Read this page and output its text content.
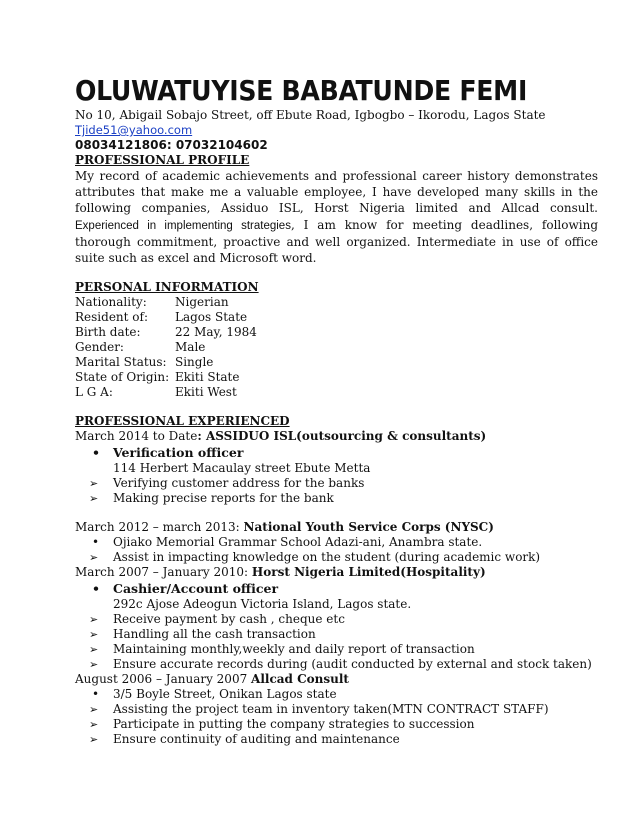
OLUWATUYISE BABATUNDE FEMI
No 10, Abigail Sobajo Street, off Ebute Road, Igbogbo – Ikorodu, Lagos State
Tjide51@yahoo.com
08034121806: 07032104602
PROFESSIONAL PROFILE

My record of academic achievements and professional career history demonstrates attributes that make me a valuable employee, I have developed many skills in the following companies, Assiduo ISL, Horst Nigeria limited and Allcad consult. Experienced in implementing strategies, I am know for meeting deadlines, following thorough commitment, proactive and well organized. Intermediate in use of office suite such as excel and Microsoft word.

PERSONAL INFORMATION
Nationality:	Nigerian
Resident of:	Lagos State
Birth date:	22 May, 1984
Gender:	Male
Marital Status: Single
State of Origin: Ekiti State
L G A:	Ekiti West
PROFESSIONAL EXPERIENCED
March 2014 to Date: ASSIDUO ISL(outsourcing & consultants)
• Verification officer
114 Herbert Macaulay street Ebute Metta
➢ Verifying customer address for the banks
➢ Making precise reports for the bank
March 2012 – march 2013: National Youth Service Corps (NYSC)
• Ojiako Memorial Grammar School Adazi-ani, Anambra state.
➢ Assist in impacting knowledge on the student (during academic work)
March 2007 – January 2010: Horst Nigeria Limited(Hospitality)
• Cashier/Account officer
292c Ajose Adeogun Victoria Island, Lagos state.
➢ Receive payment by cash , cheque etc
➢ Handling all the cash transaction
➢ Maintaining monthly,weekly and daily report of transaction
➢ Ensure accurate records during (audit conducted by external and stock taken)
August 2006 – January 2007 Allcad Consult
• 3/5 Boyle Street, Onikan Lagos state
➢ Assisting the project team in inventory taken(MTN CONTRACT STAFF)
➢ Participate in putting the company strategies to succession
➢ Ensure continuity of auditing and maintenance
